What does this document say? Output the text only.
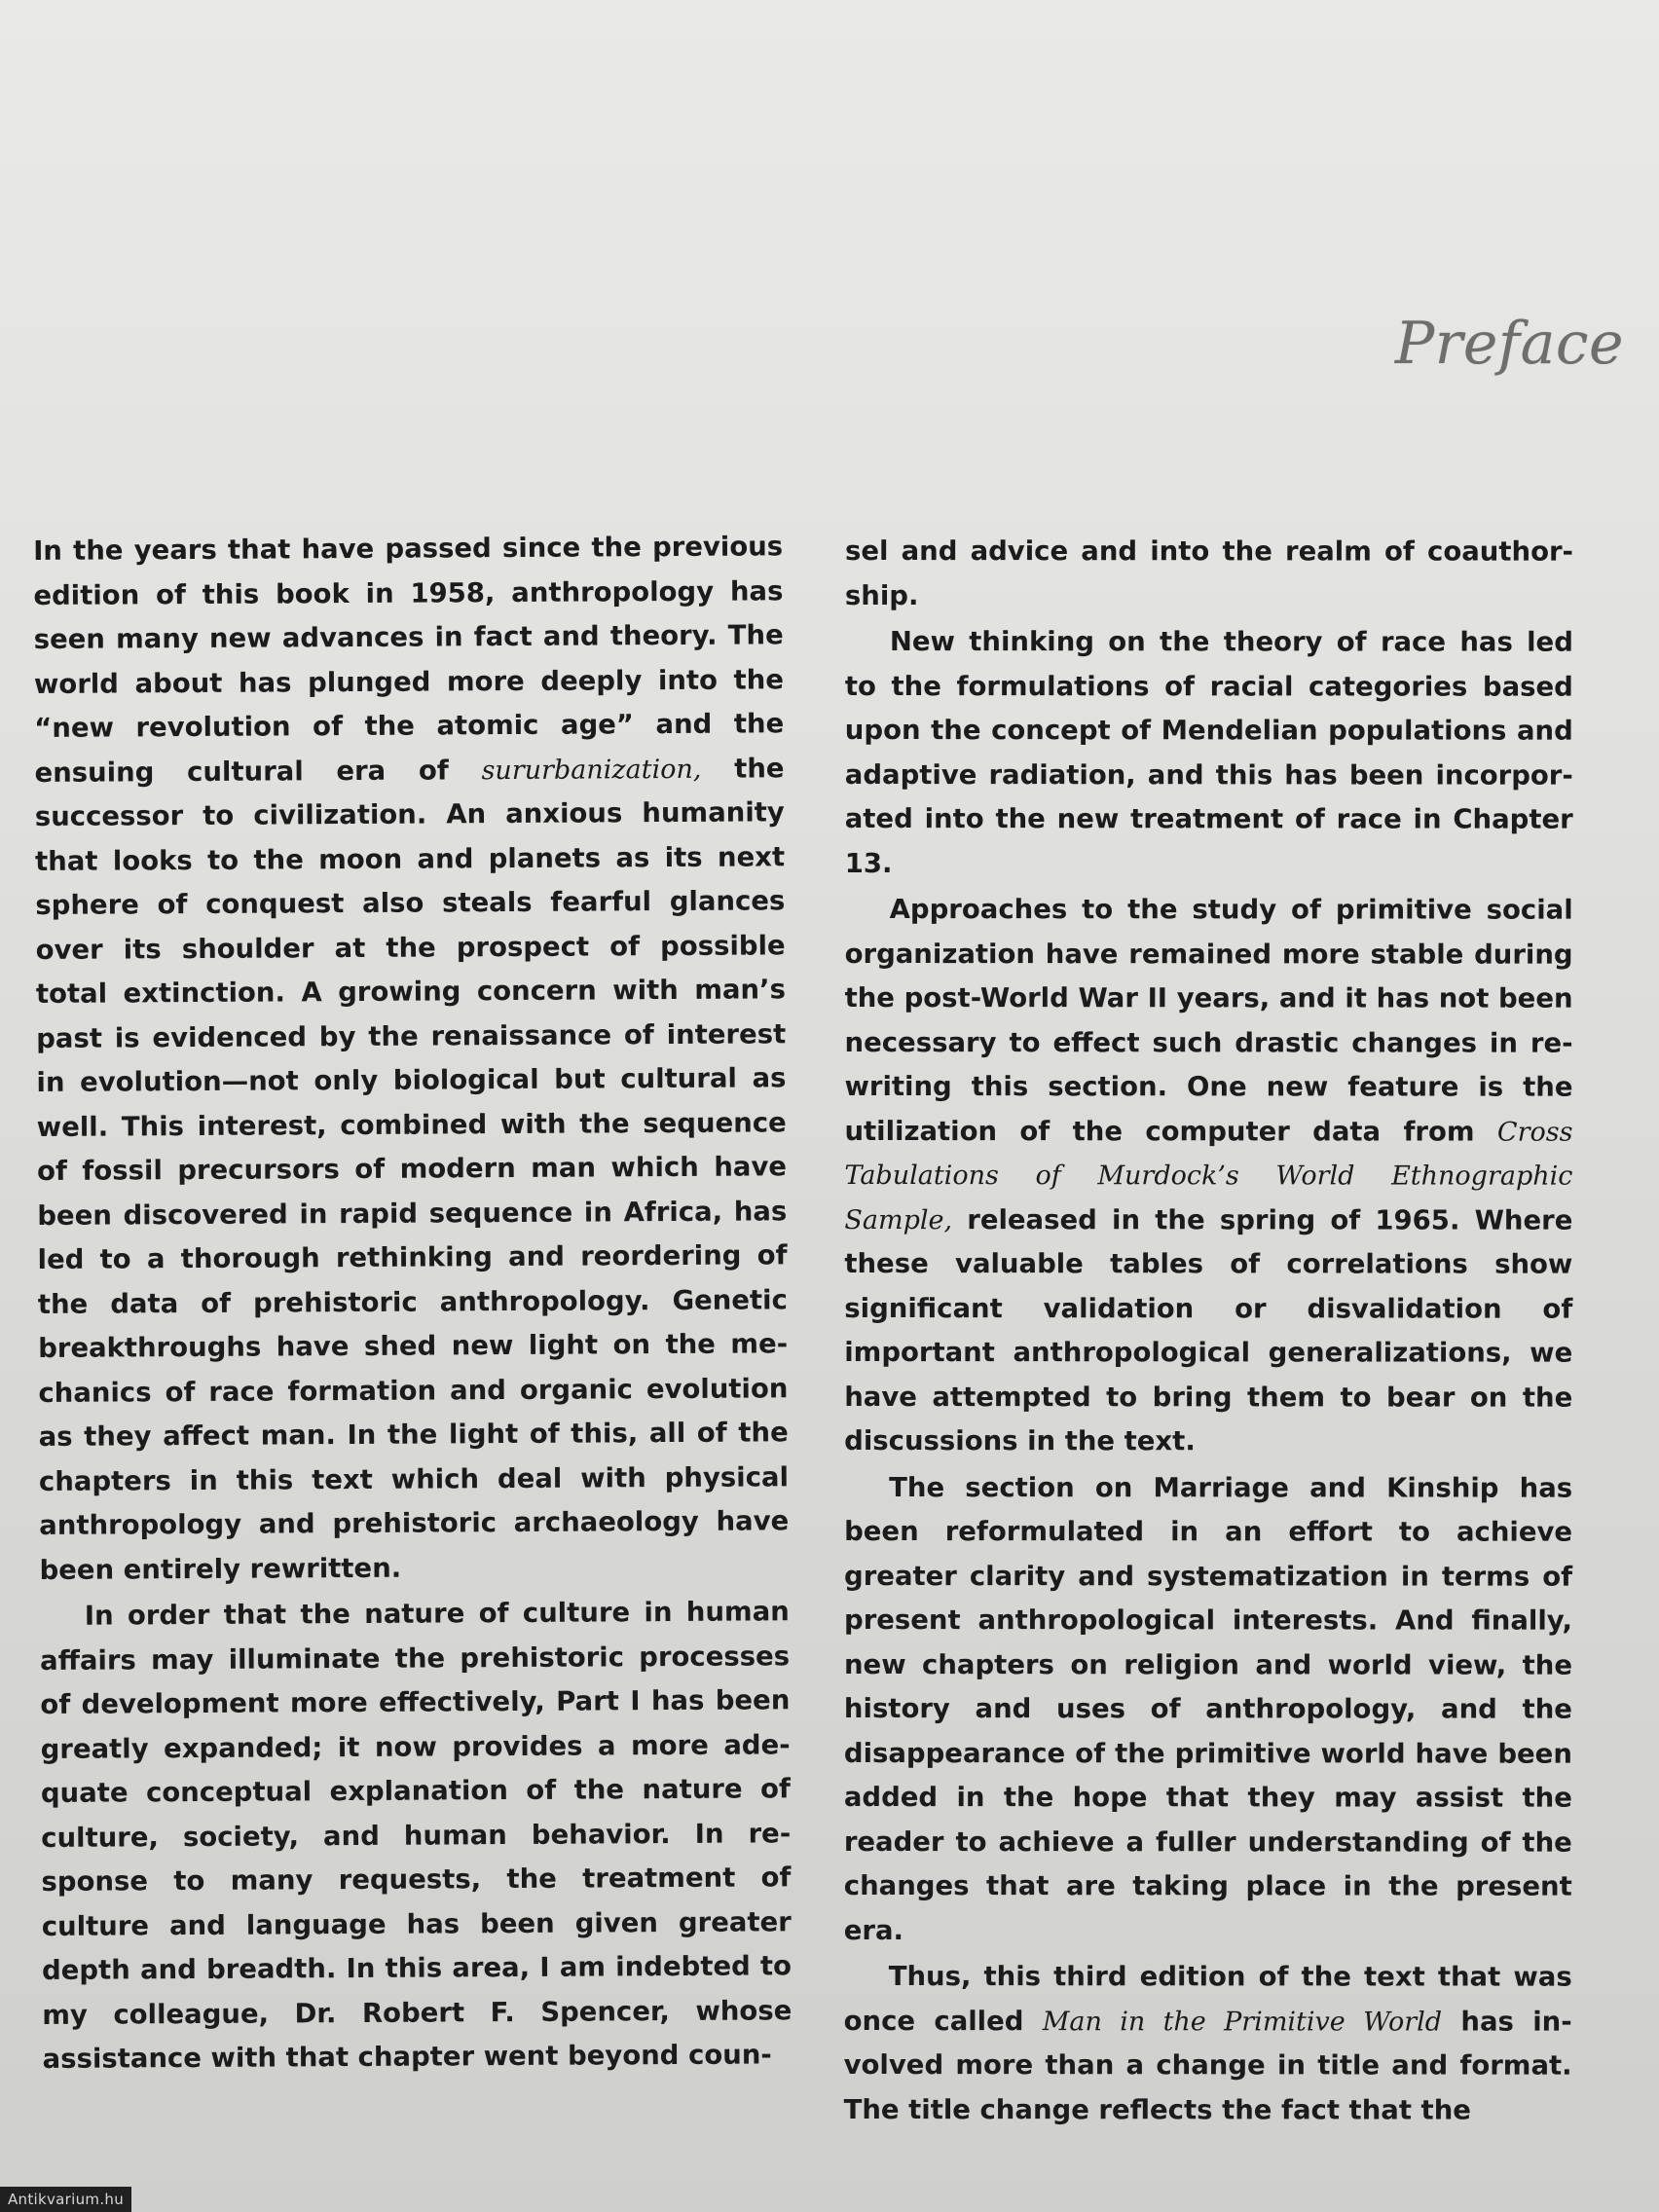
Preface

In the years that have passed since the previous edition of this book in 1958, anthropology has seen many new advances in fact and theory. The world about has plunged more deeply into the “new revolution of the atomic age” and the ensuing cultural era of sururbanization, the successor to civilization. An anxious humanity that looks to the moon and planets as its next sphere of conquest also steals fearful glances over its shoulder at the prospect of possible total extinction. A growing concern with man’s past is evidenced by the renaissance of interest in evolution—not only biological but cultural as well. This interest, combined with the sequence of fossil precursors of modern man which have been discovered in rapid sequence in Africa, has led to a thorough rethinking and reordering of the data of prehistoric anthropology. Genetic breakthroughs have shed new light on the mechanics of race formation and organic evolution as they affect man. In the light of this, all of the chapters in this text which deal with physical anthropology and prehistoric archaeology have been entirely rewritten.

In order that the nature of culture in human affairs may illuminate the prehistoric processes of development more effectively, Part I has been greatly expanded; it now provides a more adequate conceptual explanation of the nature of culture, society, and human behavior. In response to many requests, the treatment of culture and language has been given greater depth and breadth. In this area, I am indebted to my colleague, Dr. Robert F. Spencer, whose assistance with that chapter went beyond coun-

sel and advice and into the realm of coauthorship.

New thinking on the theory of race has led to the formulations of racial categories based upon the concept of Mendelian populations and adaptive radiation, and this has been incorporated into the new treatment of race in Chapter 13.

Approaches to the study of primitive social organization have remained more stable during the post-World War II years, and it has not been necessary to effect such drastic changes in rewriting this section. One new feature is the utilization of the computer data from Cross Tabulations of Murdock’s World Ethnographic Sample, released in the spring of 1965. Where these valuable tables of correlations show significant validation or disvalidation of important anthropological generalizations, we have attempted to bring them to bear on the discussions in the text.

The section on Marriage and Kinship has been reformulated in an effort to achieve greater clarity and systematization in terms of present anthropological interests. And finally, new chapters on religion and world view, the history and uses of anthropology, and the disappearance of the primitive world have been added in the hope that they may assist the reader to achieve a fuller understanding of the changes that are taking place in the present era.

Thus, this third edition of the text that was once called Man in the Primitive World has involved more than a change in title and format. The title change reflects the fact that the

Antikvarium.hu
